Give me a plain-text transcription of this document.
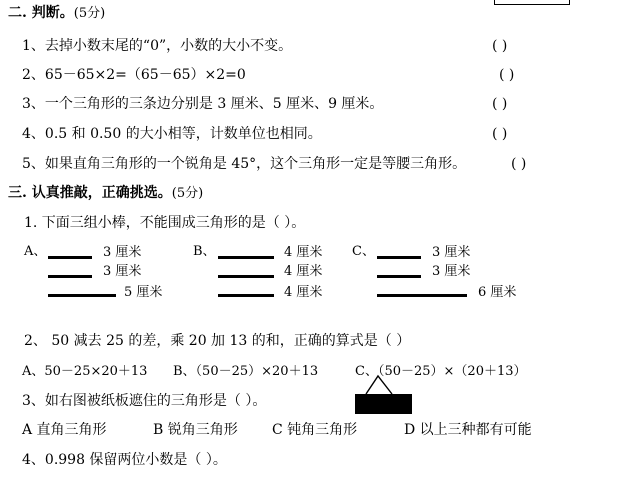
二. 判断。(5分)
1、去掉小数末尾的“0”，小数的大小不变。	( )
2、65－65×2=（65－65）×2=0	( )
3、一个三角形的三条边分别是 3 厘米、5 厘米、9 厘米。	( )
4、0.5 和 0.50 的大小相等，计数单位也相同。	( )
5、如果直角三角形的一个锐角是 45°，这个三角形一定是等腰三角形。	( )
三. 认真推敲，正确挑选。(5分)
1. 下面三组小棒，不能围成三角形的是（ ）。
A、	3 厘米
3 厘米
5 厘米
B、	4 厘米
4 厘米
4 厘米
C、	3 厘米
3 厘米
6 厘米
2、 50 减去 25 的差，乘 20 加 13 的和，正确的算式是（ ）
A、50－25×20＋13 B、（50－25）×20＋13	C、（50－25）×（20＋13）
3、如右图被纸板遮住的三角形是（ ）。
A 直角三角形	B 锐角三角形 C 钝角三角形	D 以上三种都有可能
4、0.998 保留两位小数是（ ）。
